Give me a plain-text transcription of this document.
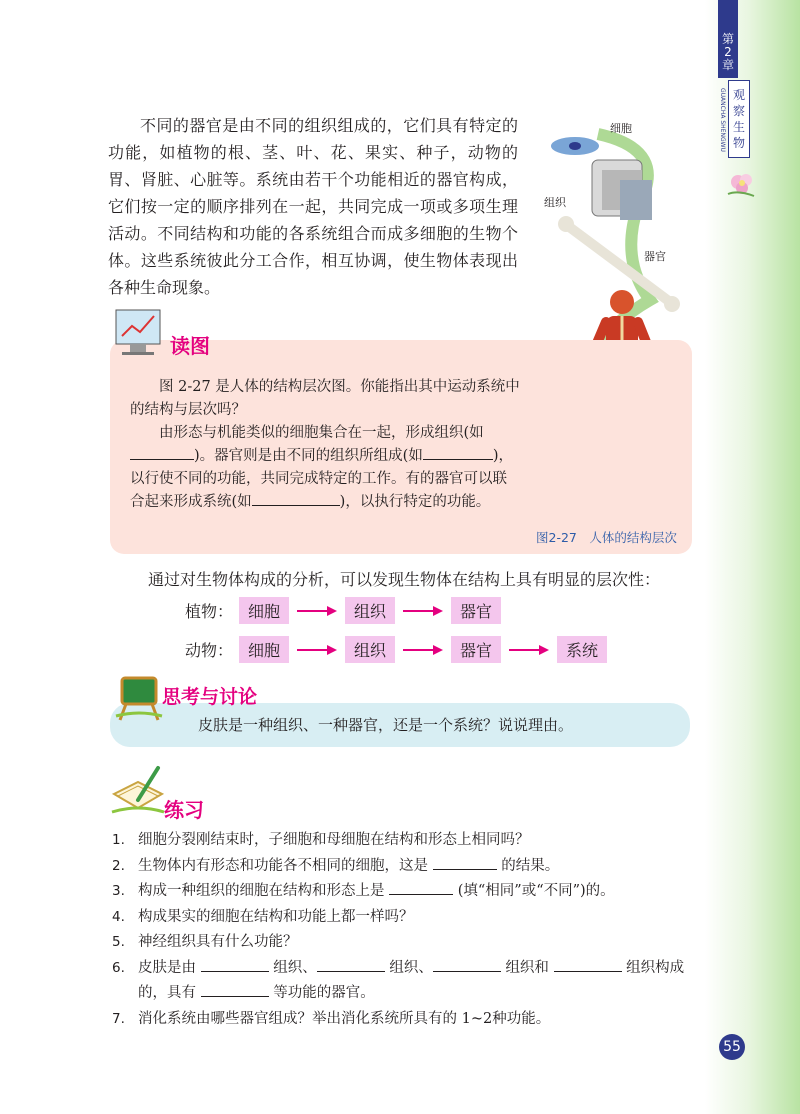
第
2
章
观
察
生
物
GUANCHA SHENGWU

不同的器官是由不同的组织组成的，它们具有特定的功能，如植物的根、茎、叶、花、果实、种子，动物的胃、肾脏、心脏等。系统由若干个功能相近的器官构成，它们按一定的顺序排列在一起，共同完成一项或多项生理活动。不同结构和功能的各系统组合而成多细胞的生物个体。这些系统彼此分工合作，相互协调，使生物体表现出各种生命现象。

细胞
组织
器官
读图

图 2-27 是人体的结构层次图。你能指出其中运动系统中的结构与层次吗？

由形态与机能类似的细胞集合在一起，形成组织(如)。器官则是由不同的组织所组成(如	)，以行使不同的功能，共同完成特定的工作。有的器官可以联合起来形成系统(如	)，以执行特定的功能。

图2-27　人体的结构层次
通过对生物体构成的分析，可以发现生物体在结构上具有明显的层次性：
植物： 细胞	组织	器官
动物： 细胞	组织	器官	系统
思考与讨论
皮肤是一种组织、一种器官，还是一个系统？说说理由。
练习
1. 细胞分裂刚结束时，子细胞和母细胞在结构和形态上相同吗？
2. 生物体内有形态和功能各不相同的细胞，这是	的结果。
3. 构成一种组织的细胞在结构和形态上是	(填“相同”或“不同”)的。
4. 构成果实的细胞在结构和功能上都一样吗？
5. 神经组织具有什么功能？
6. 皮肤是由	组织、	组织、	组织和	组织构成的，具有	等功能的器官。
7. 消化系统由哪些器官组成？举出消化系统所具有的 1~2种功能。
55
